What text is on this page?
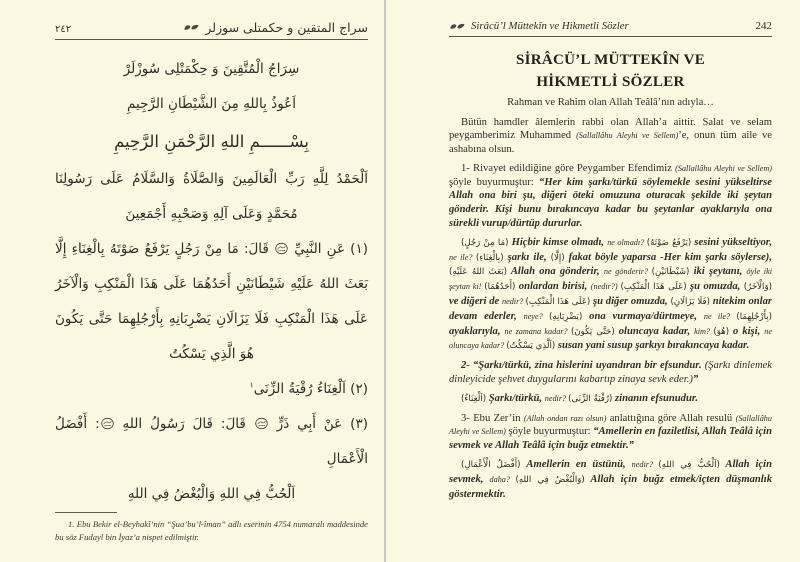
٢٤٢	سراج المتقين و حكمتلى سوزلر
سِرَاجُ الْمُتَّقِينَ وَ حِكْمَتْلِى سُوزْلَرْ
اَعُوذُ بِاللهِ مِنَ الشَّيْطَانِ الرَّجِيمِ
بِسْــــــمِ اللهِ الرَّحْمَنِ الرَّحِيمِ
اَلْحَمْدُ لِلَّهِ رَبِّ الْعَالَمِينَ وَالصَّلَاةُ وَالسَّلَامُ عَلَى رَسُولِنَا
مُحَمَّدٍ وَعَلَى آلِهِ وَصَحْبِهِ أَجْمَعِينَ
(١) عَنِ النَّبِيِّ  قَالَ: مَا مِنْ رَجُلٍ يَرْفَعُ صَوْتَهُ بِالْغِنَاءِ إِلَّا
بَعَثَ اللهُ عَلَيْهِ شَيْطَانَيْنِ أَحَدُهُمَا عَلَى هَذَا الْمَنْكِبِ وَالْآخَرُ
عَلَى هَذَا الْمَنْكِبِ فَلَا يَزَالَانِ يَضْرِبَانِهِ بِأَرْجُلِهِمَا حَتَّى يَكُونَ
هُوَ الَّذِي يَسْكُتُ
(٢) اَلْغِنَاءُ رُقْيَةُ الزِّنَى$^١$
(٣) عَنْ أَبِي ذَرٍّ  قَالَ: قَالَ رَسُولُ اللهِ : أَفْضَلُ الْأَعْمَالِ
اَلْحُبُّ فِي اللهِ وَالْبُغْضُ فِي اللهِ
1. Ebu Bekir el-Beyhakî’nin “Şua’bu’l-îman” adlı eserinin 4754 numaralı maddesinde bu söz Fudayl bin İyaz’a nispet edilmiştir.
Sirâcü’l Müttekîn ve Hikmetli Sözler	242
SİRÂCÜ’L MÜTTEKÎN VE
HİKMETLİ SÖZLER
Rahman ve Rahim olan Allah Teâlâ’nın adıyla…

Bütün hamdler âlemlerin rabbi olan Allah’a aittir. Salat ve selam peygamberimiz Muhammed (Sallallâhu Aleyhi ve Sellem)’e, onun tüm aile ve ashabına olsun.

1- Rivayet edildiğine göre Peygamber Efendimiz (Sallallâhu Aleyhi ve Sellem) şöyle buyurmuştur: “Her kim şarkı/türkü söylemekle sesini yükseltirse Allah ona biri şu, diğeri öteki omuzuna oturacak şekilde iki şeytan gönderir. Kişi bunu bırakıncaya kadar bu şeytanlar ayaklarıyla ona sürekli vurup/dürtüp dururlar.

(مَا مِنْ رَجُلٍ) Hiçbir kimse olmadı, ne olmadı? (يَرْفَعُ صَوْتَهُ) sesini yükseltiyor, ne ile? (بِالْغِنَاءِ) şarkı ile, (إِلَّا) fakat böyle yaparsa -Her kim şarkı söylerse), (بَعَثَ اللهُ عَلَيْهِ) Allah ona gönderir, ne gönderir? (شَيْطَانَيْنِ) iki şeytanı, öyle iki şeytan ki! (أَحَدُهُمَا) onlardan birisi, (nedir?) (عَلَى هَذَا الْمَنْكِبِ) şu omuzda, (وَالْآخَرُ) ve diğeri de nedir? (عَلَى هَذَا الْمَنْكِبِ) şu diğer omuzda, (فَلَا يَزَالَانِ) nitekim onlar devam ederler, neye? (يَضْرِبَانِهِ) ona vurmaya/dürtmeye, ne ile? (بِأَرْجُلِهِمَا) ayaklarıyla, ne zamana kadar? (حَتَّى يَكُونَ) oluncaya kadar, kim? (هُوَ) o kişi, ne oluncaya kadar? (اَلَّذِي يَسْكُتُ) susan yani susup şarkıyı bırakıncaya kadar.

2- “Şarkı/türkü, zina hislerini uyandıran bir efsundur. (Şarkı dinlemek dinleyicide şehvet duygularını kabartıp zinaya sevk eder.)”

(اَلْغِنَاءُ) Şarkı/türkü, nedir? (رُقْيَةُ الزِّنَى) zinanın efsunudur.

3- Ebu Zer’in (Allah ondan razı olsun) anlattığına göre Allah resulü (Sallallâhu Aleyhi ve Sellem) şöyle buyurmuştur: “Amellerin en faziletlisi, Allah Teâlâ için sevmek ve Allah Teâlâ için buğz etmektir.”

(أَفْضَلُ الْأَعْمَالِ) Amellerin en üstünü, nedir? (اَلْحُبُّ فِي اللهِ) Allah için sevmek, daha? (وَالْبُغْضُ فِي اللهِ) Allah için buğz etmek/içten düşmanlık göstermektir.
